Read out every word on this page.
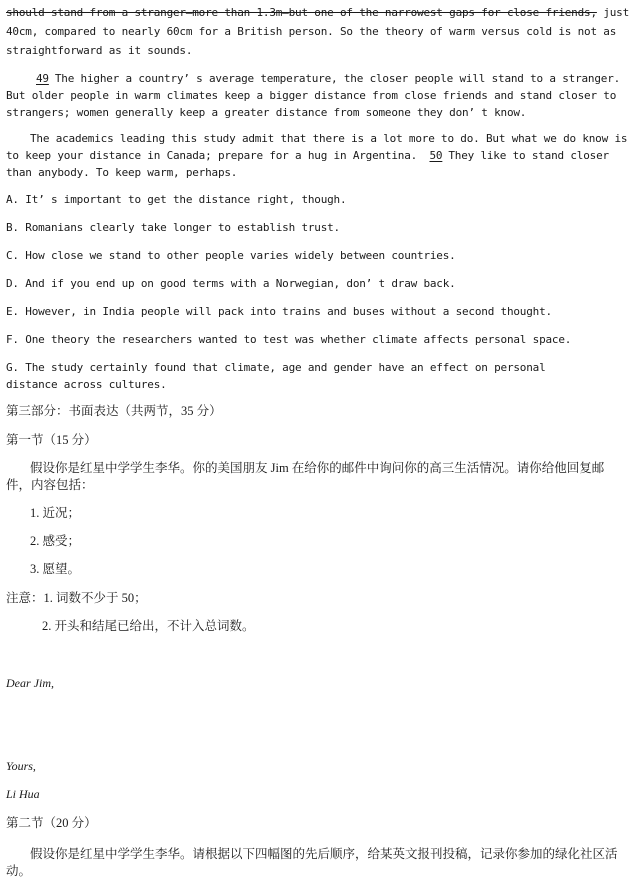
should stand from a stranger—more than 1.3m—but one of the narrowest gaps for close friends, just

40cm, compared to nearly 60cm for a British person. So the theory of warm versus cold is not as

straightforward as it sounds.

49 The higher a country’ s average temperature, the closer people will stand to a stranger. But older people in warm climates keep a bigger distance from close friends and stand closer to strangers; women generally keep a greater distance from someone they don’ t know.

The academics leading this study admit that there is a lot more to do. But what we do know is to keep your distance in Canada; prepare for a hug in Argentina. 50 They like to stand closer than anybody. To keep warm, perhaps.

A. It’ s important to get the distance right, though.

B. Romanians clearly take longer to establish trust.

C. How close we stand to other people varies widely between countries.

D. And if you end up on good terms with a Norwegian, don’ t draw back.

E. However, in India people will pack into trains and buses without a second thought.

F. One theory the researchers wanted to test was whether climate affects personal space.

G. The study certainly found that climate, age and gender have an effect on personal distance across cultures.

第三部分：书面表达（共两节，35 分）

第一节（15 分）

假设你是红星中学学生李华。你的美国朋友 Jim 在给你的邮件中询问你的高三生活情况。请你给他回复邮件，内容包括：

1. 近况；

2. 感受；

3. 愿望。

注意：1. 词数不少于 50；

2. 开头和结尾已给出，不计入总词数。

Dear Jim,

Yours,

Li Hua

第二节（20 分）

假设你是红星中学学生李华。请根据以下四幅图的先后顺序，给某英文报刊投稿，记录你参加的绿化社区活动。
